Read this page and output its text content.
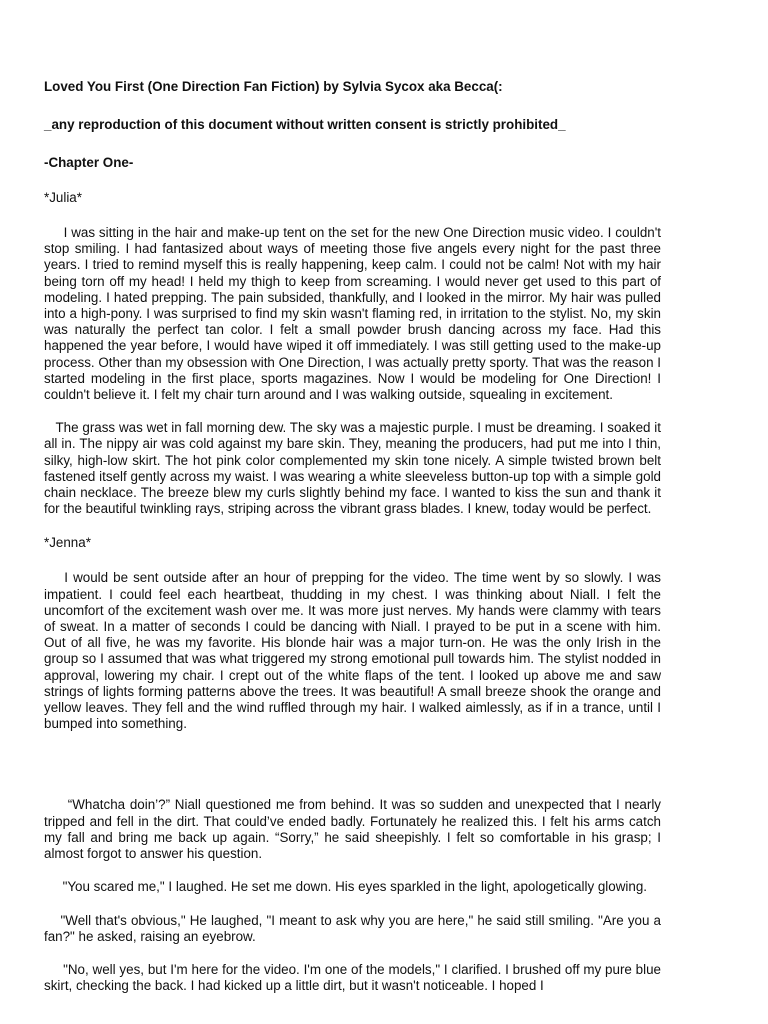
Loved You First (One Direction Fan Fiction) by Sylvia Sycox aka Becca(:
_any reproduction of this document without written consent is strictly prohibited_
-Chapter One-
*Julia*

I was sitting in the hair and make-up tent on the set for the new One Direction music video. I couldn't stop smiling. I had fantasized about ways of meeting those five angels every night for the past three years. I tried to remind myself this is really happening, keep calm. I could not be calm! Not with my hair being torn off my head! I held my thigh to keep from screaming. I would never get used to this part of modeling. I hated prepping. The pain subsided, thankfully, and I looked in the mirror. My hair was pulled into a high-pony. I was surprised to find my skin wasn't flaming red, in irritation to the stylist. No, my skin was naturally the perfect tan color. I felt a small powder brush dancing across my face. Had this happened the year before, I would have wiped it off immediately. I was still getting used to the make-up process. Other than my obsession with One Direction, I was actually pretty sporty. That was the reason I started modeling in the first place, sports magazines. Now I would be modeling for One Direction! I couldn't believe it. I felt my chair turn around and I was walking outside, squealing in excitement.

The grass was wet in fall morning dew. The sky was a majestic purple. I must be dreaming. I soaked it all in. The nippy air was cold against my bare skin. They, meaning the producers, had put me into I thin, silky, high-low skirt. The hot pink color complemented my skin tone nicely. A simple twisted brown belt fastened itself gently across my waist. I was wearing a white sleeveless button-up top with a simple gold chain necklace. The breeze blew my curls slightly behind my face. I wanted to kiss the sun and thank it for the beautiful twinkling rays, striping across the vibrant grass blades. I knew, today would be perfect.

*Jenna*

I would be sent outside after an hour of prepping for the video. The time went by so slowly. I was impatient. I could feel each heartbeat, thudding in my chest. I was thinking about Niall. I felt the uncomfort of the excitement wash over me. It was more just nerves. My hands were clammy with tears of sweat. In a matter of seconds I could be dancing with Niall. I prayed to be put in a scene with him. Out of all five, he was my favorite. His blonde hair was a major turn-on. He was the only Irish in the group so I assumed that was what triggered my strong emotional pull towards him. The stylist nodded in approval, lowering my chair. I crept out of the white flaps of the tent. I looked up above me and saw strings of lights forming patterns above the trees. It was beautiful! A small breeze shook the orange and yellow leaves. They fell and the wind ruffled through my hair. I walked aimlessly, as if in a trance, until I bumped into something.

“Whatcha doin’?” Niall questioned me from behind. It was so sudden and unexpected that I nearly tripped and fell in the dirt. That could’ve ended badly. Fortunately he realized this. I felt his arms catch my fall and bring me back up again. “Sorry,” he said sheepishly. I felt so comfortable in his grasp; I almost forgot to answer his question.

"You scared me," I laughed. He set me down. His eyes sparkled in the light, apologetically glowing.

"Well that's obvious," He laughed, "I meant to ask why you are here," he said still smiling. "Are you a fan?" he asked, raising an eyebrow.

"No, well yes, but I'm here for the video. I'm one of the models," I clarified. I brushed off my pure blue skirt, checking the back. I had kicked up a little dirt, but it wasn't noticeable. I hoped I
